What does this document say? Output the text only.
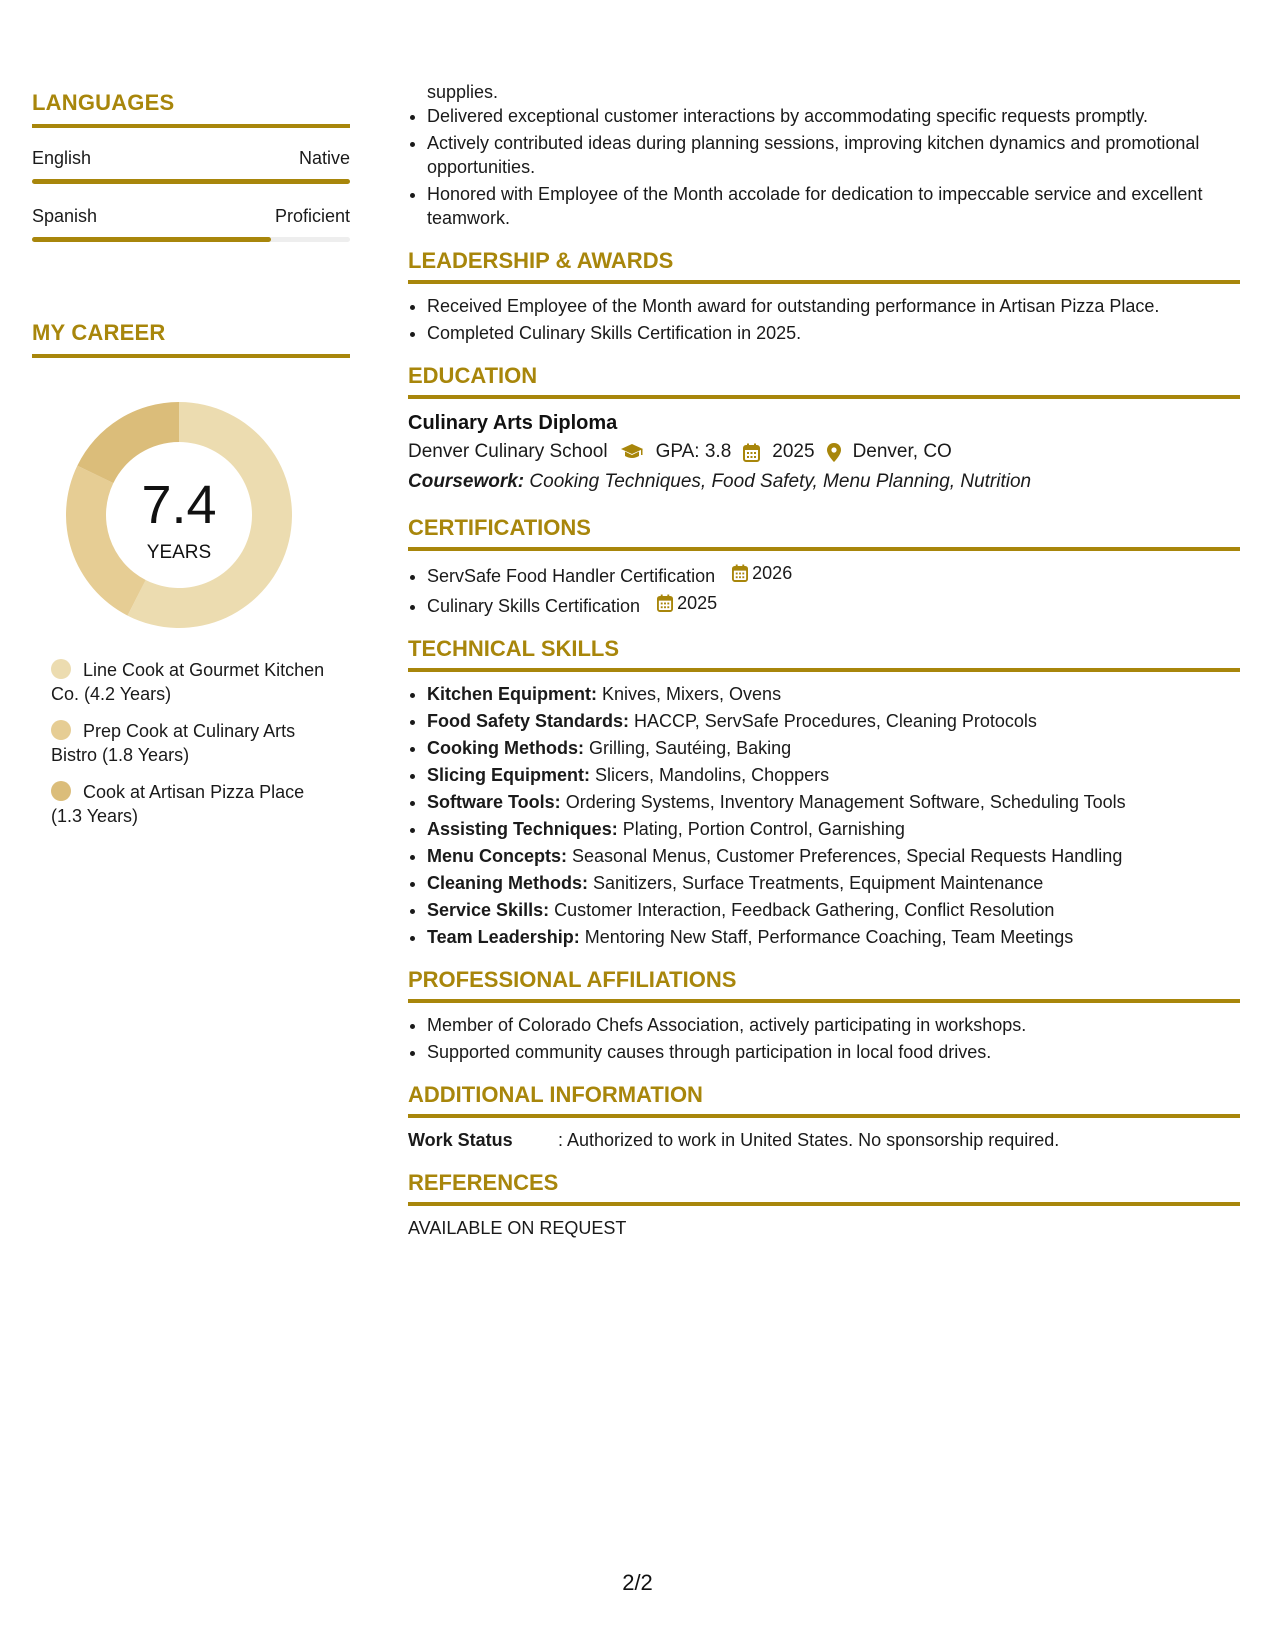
LANGUAGES
English	Native
Spanish	Proficient
MY CAREER
7.4
YEARS
Line Cook at Gourmet Kitchen Co. (4.2 Years)
Prep Cook at Culinary Arts Bistro (1.8 Years)
Cook at Artisan Pizza Place (1.3 Years)
supplies.
• Delivered exceptional customer interactions by accommodating specific requests promptly.
• Actively contributed ideas during planning sessions, improving kitchen dynamics and promotional opportunities.
• Honored with Employee of the Month accolade for dedication to impeccable service and excellent teamwork.
LEADERSHIP & AWARDS
• Received Employee of the Month award for outstanding performance in Artisan Pizza Place.
• Completed Culinary Skills Certification in 2025.
EDUCATION
Culinary Arts Diploma
Denver Culinary School	GPA: 3.8 2025 Denver, CO
Coursework: Cooking Techniques, Food Safety, Menu Planning, Nutrition
CERTIFICATIONS
• ServSafe Food Handler Certification 2026
• Culinary Skills Certification 2025
TECHNICAL SKILLS
• Kitchen Equipment: Knives, Mixers, Ovens
• Food Safety Standards: HACCP, ServSafe Procedures, Cleaning Protocols
• Cooking Methods: Grilling, Sautéing, Baking
• Slicing Equipment: Slicers, Mandolins, Choppers
• Software Tools: Ordering Systems, Inventory Management Software, Scheduling Tools
• Assisting Techniques: Plating, Portion Control, Garnishing
• Menu Concepts: Seasonal Menus, Customer Preferences, Special Requests Handling
• Cleaning Methods: Sanitizers, Surface Treatments, Equipment Maintenance
• Service Skills: Customer Interaction, Feedback Gathering, Conflict Resolution
• Team Leadership: Mentoring New Staff, Performance Coaching, Team Meetings
PROFESSIONAL AFFILIATIONS
• Member of Colorado Chefs Association, actively participating in workshops.
• Supported community causes through participation in local food drives.
ADDITIONAL INFORMATION
Work Status	: Authorized to work in United States. No sponsorship required.
REFERENCES
AVAILABLE ON REQUEST
2/2
